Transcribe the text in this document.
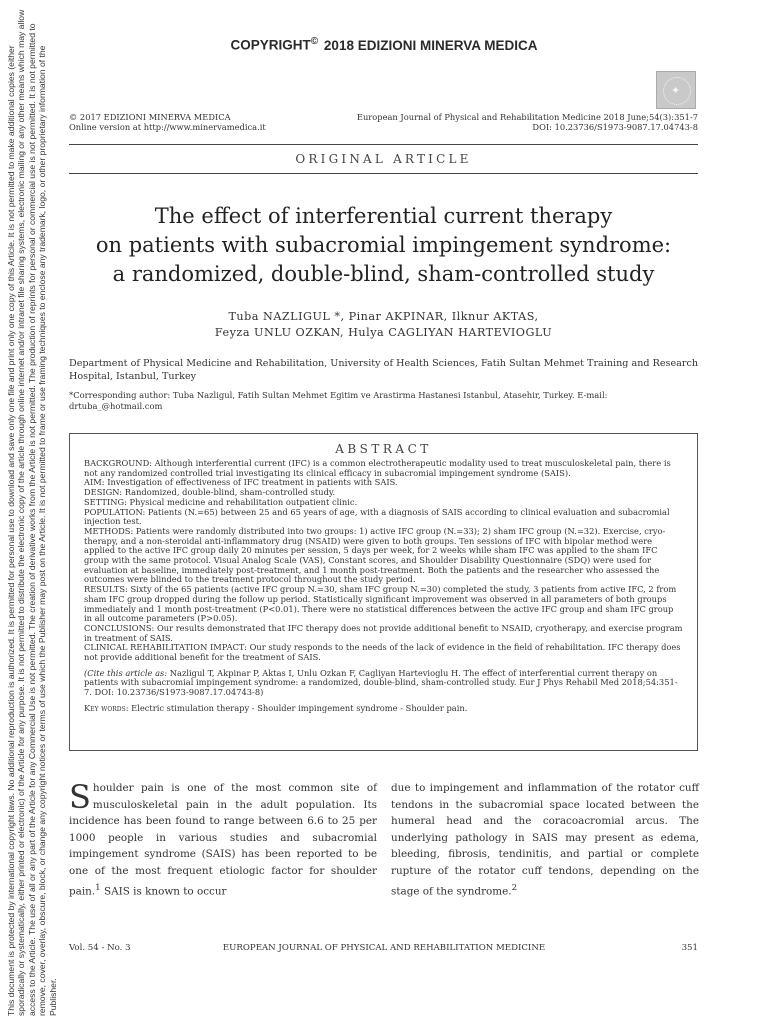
This document is protected by international copyright laws. No additional reproduction is authorized. It is permitted for personal use to download and save only one file and print only one copy of this Article. It is not permitted to make additional copies (either sporadically or systematically, either printed or electronic) of the Article for any purpose. It is not permitted to distribute the electronic copy of the article through online internet and/or intranet file sharing systems, electronic mailing or any other means which may allow access to the Article. The use of all or any part of the Article for any Commercial Use is not permitted. The creation of derivative works from the Article is not permitted. The production of reprints for personal or commercial use is not permitted. It is not permitted to remove, cover, overlay, obscure, block, or change any copyright notices or terms of use which the Publisher may post on the Article. It is not permitted to frame or use framing techniques to enclose any trademark, logo, or other proprietary information of the Publisher.
COPYRIGHT© 2018 EDIZIONI MINERVA MEDICA
✦
© 2017 EDIZIONI MINERVA MEDICA
Online version at http://www.minervamedica.it
European Journal of Physical and Rehabilitation Medicine 2018 June;54(3):351-7
DOI: 10.23736/S1973-9087.17.04743-8
ORIGINAL ARTICLE
The effect of interferential current therapy
on patients with subacromial impingement syndrome:
a randomized, double-blind, sham-controlled study
Tuba NAZLIGUL *, Pinar AKPINAR, Ilknur AKTAS,
Feyza UNLU OZKAN, Hulya CAGLIYAN HARTEVIOGLU
Department of Physical Medicine and Rehabilitation, University of Health Sciences, Fatih Sultan Mehmet Training and Research Hospital, Istanbul, Turkey
*Corresponding author: Tuba Nazligul, Fatih Sultan Mehmet Egitim ve Arastirma Hastanesi Istanbul, Atasehir, Turkey. E-mail: drtuba_@hotmail.com
ABSTRACT

BACKGROUND: Although interferential current (IFC) is a common electrotherapeutic modality used to treat musculoskeletal pain, there is not any randomized controlled trial investigating its clinical efficacy in subacromial impingement syndrome (SAIS).

AIM: Investigation of effectiveness of IFC treatment in patients with SAIS.

DESIGN: Randomized, double-blind, sham-controlled study.

SETTING: Physical medicine and rehabilitation outpatient clinic.

POPULATION: Patients (N.=65) between 25 and 65 years of age, with a diagnosis of SAIS according to clinical evaluation and subacromial injection test.

METHODS: Patients were randomly distributed into two groups: 1) active IFC group (N.=33); 2) sham IFC group (N.=32). Exercise, cryo-therapy, and a non-steroidal anti-inflammatory drug (NSAID) were given to both groups. Ten sessions of IFC with bipolar method were applied to the active IFC group daily 20 minutes per session, 5 days per week, for 2 weeks while sham IFC was applied to the sham IFC group with the same protocol. Visual Analog Scale (VAS), Constant scores, and Shoulder Disability Questionnaire (SDQ) were used for evaluation at baseline, immediately post-treatment, and 1 month post-treatment. Both the patients and the researcher who assessed the outcomes were blinded to the treatment protocol throughout the study period.

RESULTS: Sixty of the 65 patients (active IFC group N.=30, sham IFC group N.=30) completed the study, 3 patients from active IFC, 2 from sham IFC group dropped during the follow up period. Statistically significant improvement was observed in all parameters of both groups immediately and 1 month post-treatment (P<0.01). There were no statistical differences between the active IFC group and sham IFC group in all outcome parameters (P>0.05).

CONCLUSIONS: Our results demonstrated that IFC therapy does not provide additional benefit to NSAID, cryotherapy, and exercise program in treatment of SAIS.

CLINICAL REHABILITATION IMPACT: Our study responds to the needs of the lack of evidence in the field of rehabilitation. IFC therapy does not provide additional benefit for the treatment of SAIS.

(Cite this article as: Nazligul T, Akpinar P, Aktas I, Unlu Ozkan F, Cagliyan Hartevioglu H. The effect of interferential current therapy on patients with subacromial impingement syndrome: a randomized, double-blind, sham-controlled study. Eur J Phys Rehabil Med 2018;54:351-7. DOI: 10.23736/S1973-9087.17.04743-8)

Key words: Electric stimulation therapy - Shoulder impingement syndrome - Shoulder pain.

Shoulder pain is one of the most common site of musculoskeletal pain in the adult population. Its incidence has been found to range between 6.6 to 25 per 1000 people in various studies and subacromial impingement syndrome (SAIS) has been reported to be one of the most frequent etiologic factor for shoulder pain.$^1$ SAIS is known to occur
due to impingement and inflammation of the rotator cuff tendons in the subacromial space located between the humeral head and the coracoacromial arcus. The underlying pathology in SAIS may present as edema, bleeding, fibrosis, tendinitis, and partial or complete rupture of the rotator cuff tendons, depending on the stage of the syndrome.$^2$
Vol. 54 - No. 3	EUROPEAN JOURNAL OF PHYSICAL AND REHABILITATION MEDICINE	351
